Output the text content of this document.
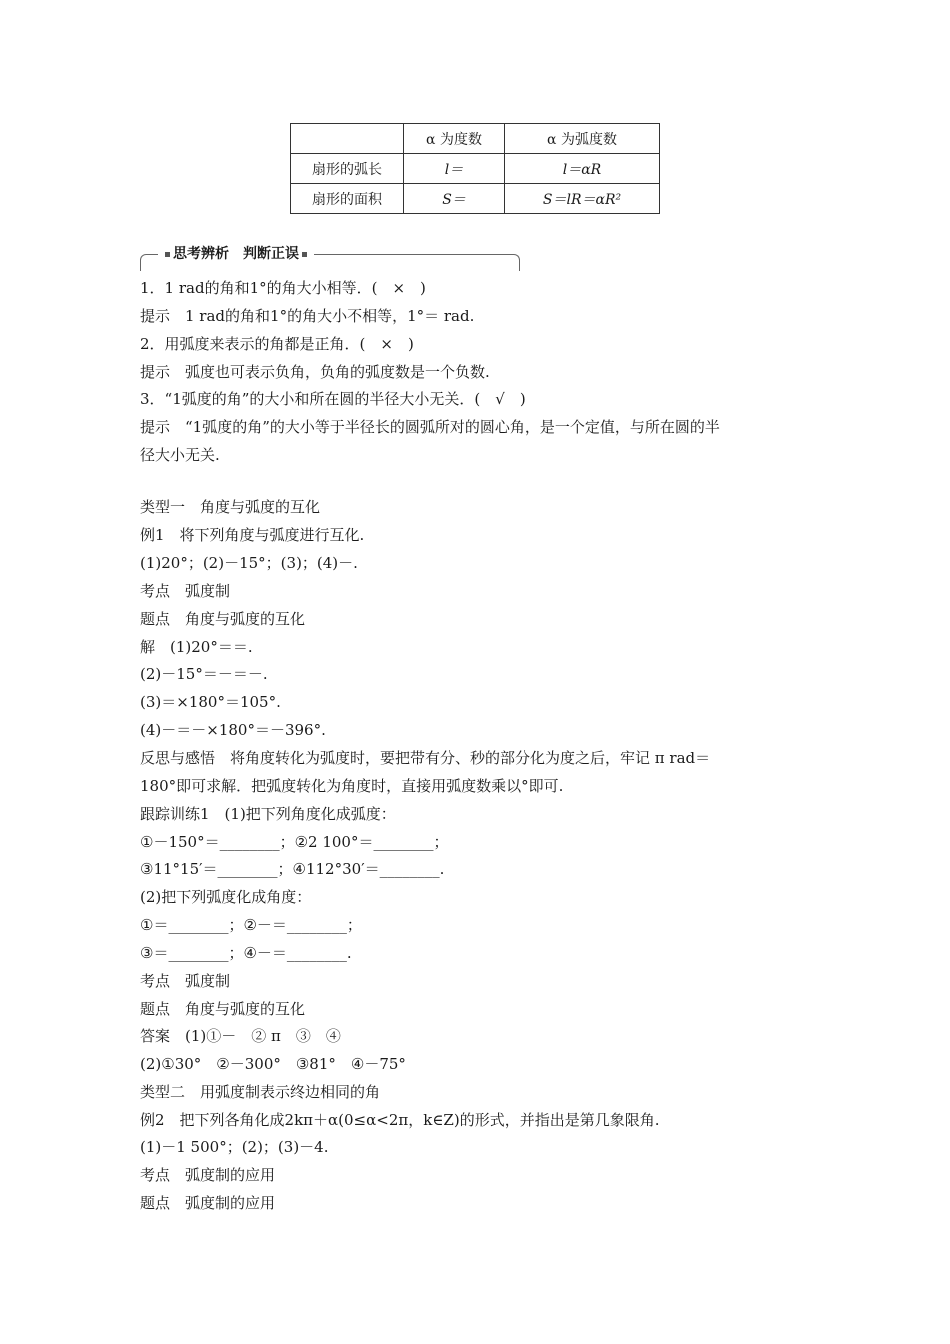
	α 为度数	α 为弧度数
扇形的弧长	l＝	l＝αR
扇形的面积	S＝	S＝lR＝αR²
思考辨析　判断正误
1．1 rad的角和1°的角大小相等．(　×　)
提示　1 rad的角和1°的角大小不相等，1°＝ rad.
2．用弧度来表示的角都是正角．(　×　)
提示　弧度也可表示负角，负角的弧度数是一个负数.
3．“1弧度的角”的大小和所在圆的半径大小无关．(　√　)
提示　“1弧度的角”的大小等于半径长的圆弧所对的圆心角，是一个定值，与所在圆的半
径大小无关.
类型一　角度与弧度的互化
例1　将下列角度与弧度进行互化.
(1)20°；(2)－15°；(3)；(4)－.
考点　弧度制
题点　角度与弧度的互化
解　(1)20°＝＝.
(2)－15°＝－＝－.
(3)＝×180°＝105°.
(4)－＝－×180°＝－396°.
反思与感悟　将角度转化为弧度时，要把带有分、秒的部分化为度之后，牢记 π rad＝
180°即可求解．把弧度转化为角度时，直接用弧度数乘以°即可.
跟踪训练1　(1)把下列角度化成弧度：
①－150°＝________；②2 100°＝________；
③11°15′＝________；④112°30′＝________.
(2)把下列弧度化成角度：
①＝________；②－＝________；
③＝________；④－＝________.
考点　弧度制
题点　角度与弧度的互化
答案　(1)①－　② π　③　④
(2)①30°　②－300°　③81°　④－75°
类型二　用弧度制表示终边相同的角
例2　把下列各角化成2kπ＋α(0≤α<2π，k∈Z)的形式，并指出是第几象限角.
(1)－1 500°；(2)；(3)－4.
考点　弧度制的应用
题点　弧度制的应用
